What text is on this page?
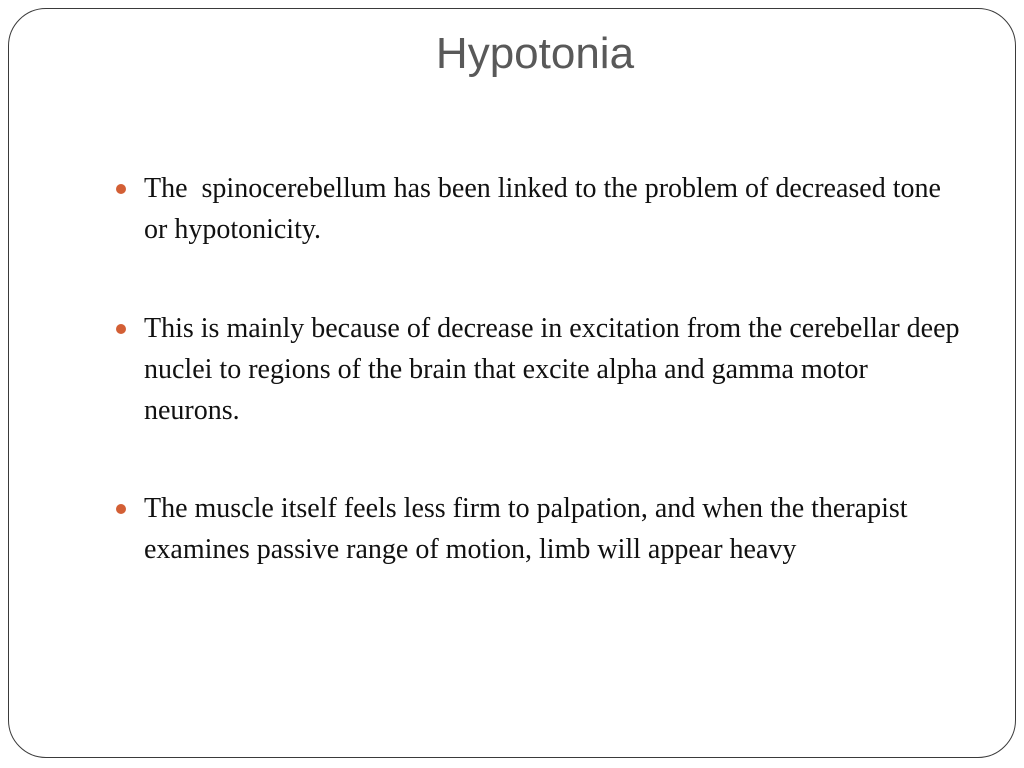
Hypotonia
The  spinocerebellum has been linked to the problem of decreased tone or hypotonicity.
This is mainly because of decrease in excitation from the cerebellar deep nuclei to regions of the brain that excite alpha and gamma motor neurons.
The muscle itself feels less firm to palpation, and when the therapist examines passive range of motion, limb will appear heavy
